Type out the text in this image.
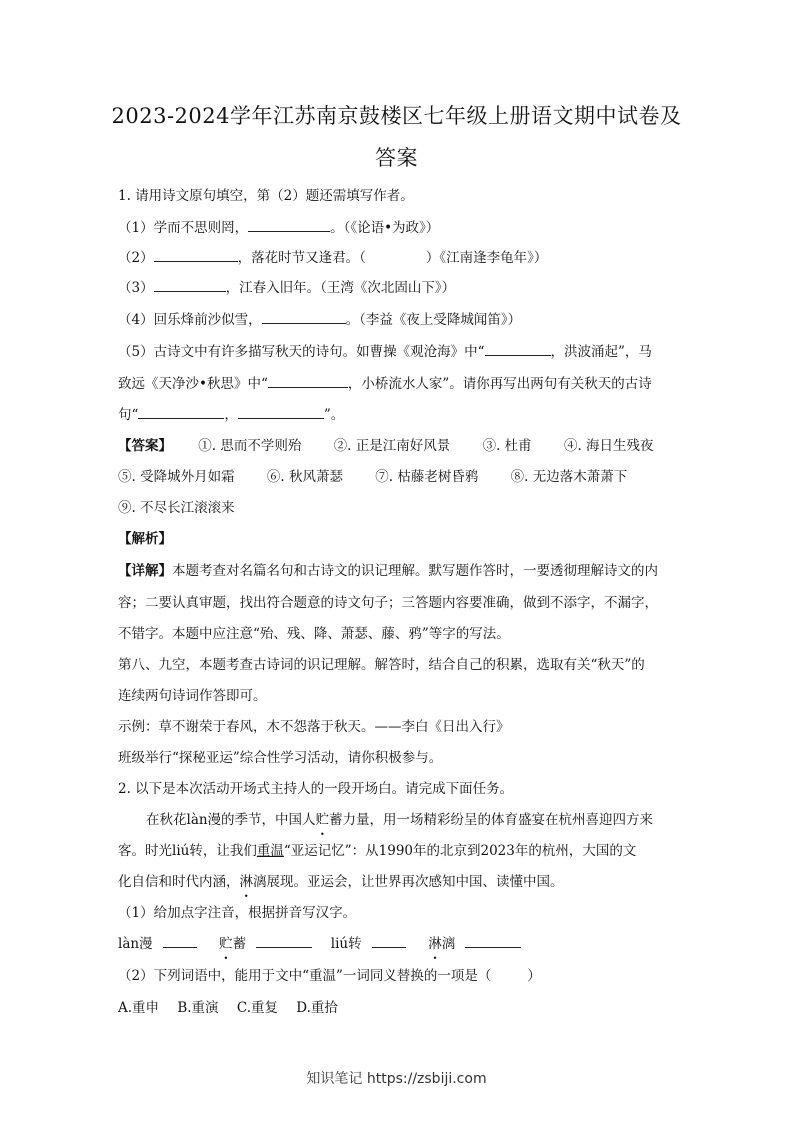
2023-2024学年江苏南京鼓楼区七年级上册语文期中试卷及
答案
1. 请用诗文原句填空，第（2）题还需填写作者。
（1）学而不思则罔，	。（《论语•为政》）
（2）	，落花时节又逢君。（	）《江南逢李龟年》）
（3）	，江春入旧年。（王湾《次北固山下》）
（4）回乐烽前沙似雪，	。（李益《夜上受降城闻笛》）
（5）古诗文中有许多描写秋天的诗句。如曹操《观沧海》中“	，洪波涌起”，马
致远《天净沙•秋思》中“	，小桥流水人家”。请你再写出两句有关秋天的古诗
句“	，	”。
【答案】 ①. 思而不学则殆 ②. 正是江南好风景 ③. 杜甫 ④. 海日生残夜
⑤. 受降城外月如霜 ⑥. 秋风萧瑟 ⑦. 枯藤老树昏鸦 ⑧. 无边落木萧萧下
⑨. 不尽长江滚滚来
【解析】
【详解】本题考查对名篇名句和古诗文的识记理解。默写题作答时，一要透彻理解诗文的内
容；二要认真审题，找出符合题意的诗文句子；三答题内容要准确，做到不添字，不漏字，
不错字。本题中应注意“殆、残、降、萧瑟、藤、鸦”等字的写法。
第八、九空，本题考查古诗词的识记理解。解答时，结合自己的积累，选取有关“秋天”的
连续两句诗词作答即可。
示例：草不谢荣于春风，木不怨落于秋天。——李白《日出入行》
班级举行“探秘亚运”综合性学习活动，请你积极参与。
2. 以下是本次活动开场式主持人的一段开场白。请完成下面任务。
在秋花làn漫的季节，中国人贮蓄力量，用一场精彩纷呈的体育盛宴在杭州喜迎四方来
客。时光liú转，让我们重温“亚运记忆”：从1990年的北京到2023年的杭州，大国的文
化自信和时代内涵，淋漓展现。亚运会，让世界再次感知中国、读懂中国。
（1）给加点字注音，根据拼音写汉字。
làn漫	贮蓄	liú转	淋漓
（2）下列词语中，能用于文中“重温”一词同义替换的一项是（	）
A.重申 B.重演 C.重复 D.重拾
知识笔记 https://zsbiji.com
